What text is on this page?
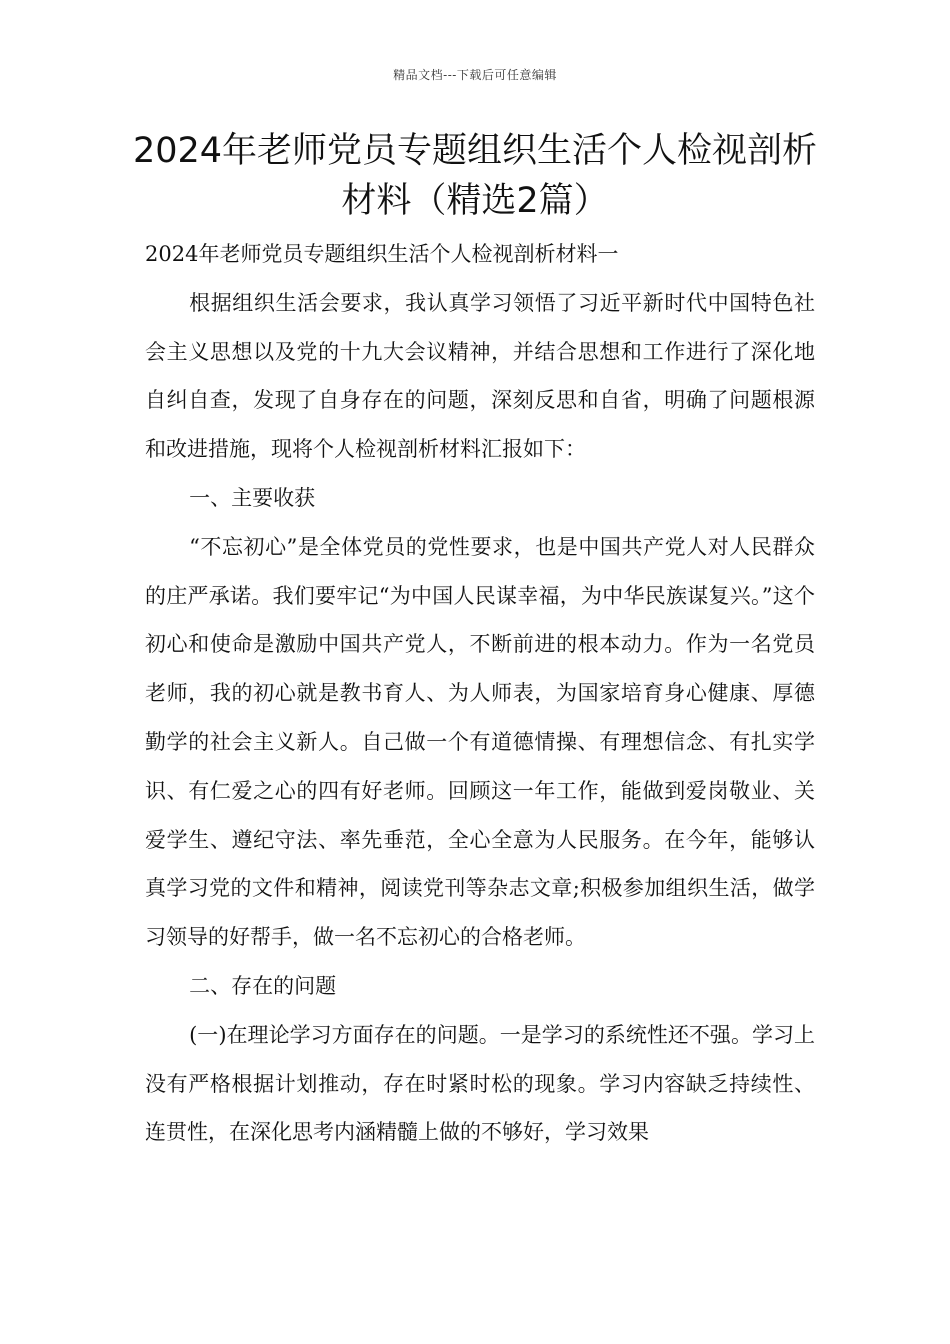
精品文档---下载后可任意编辑
2024年老师党员专题组织生活个人检视剖析材料（精选2篇）

2024年老师党员专题组织生活个人检视剖析材料一

根据组织生活会要求，我认真学习领悟了习近平新时代中国特色社会主义思想以及党的十九大会议精神，并结合思想和工作进行了深化地自纠自查，发现了自身存在的问题，深刻反思和自省，明确了问题根源和改进措施，现将个人检视剖析材料汇报如下：

一、主要收获

“不忘初心”是全体党员的党性要求，也是中国共产党人对人民群众的庄严承诺。我们要牢记“为中国人民谋幸福，为中华民族谋复兴。”这个初心和使命是激励中国共产党人，不断前进的根本动力。作为一名党员老师，我的初心就是教书育人、为人师表，为国家培育身心健康、厚德勤学的社会主义新人。自己做一个有道德情操、有理想信念、有扎实学识、有仁爱之心的四有好老师。回顾这一年工作，能做到爱岗敬业、关爱学生、遵纪守法、率先垂范，全心全意为人民服务。在今年，能够认真学习党的文件和精神，阅读党刊等杂志文章;积极参加组织生活，做学习领导的好帮手，做一名不忘初心的合格老师。

二、存在的问题

(一)在理论学习方面存在的问题。一是学习的系统性还不强。学习上没有严格根据计划推动，存在时紧时松的现象。学习内容缺乏持续性、连贯性，在深化思考内涵精髓上做的不够好，学习效果
